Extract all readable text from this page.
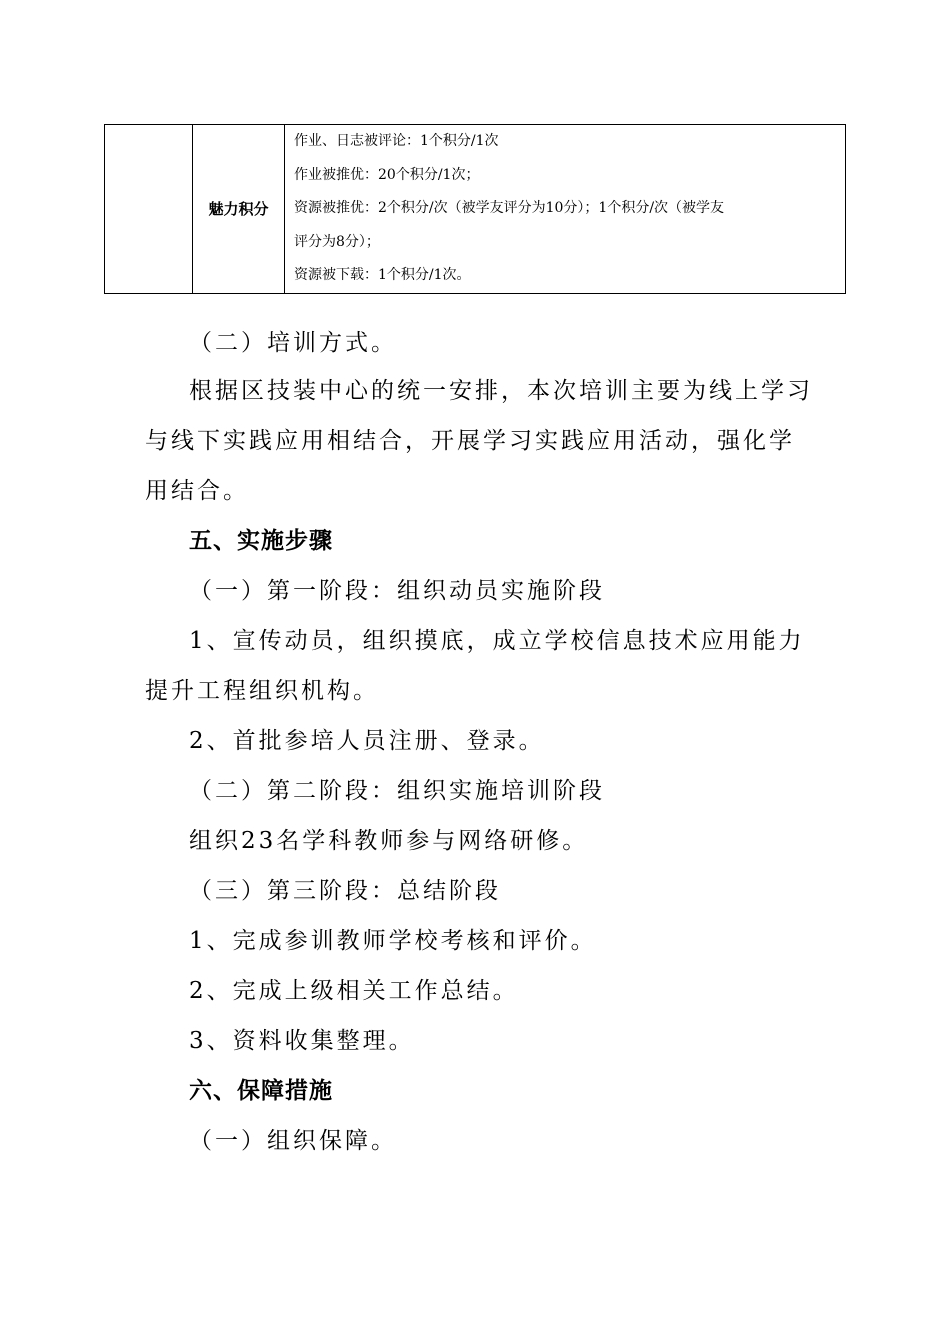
	魅力积分	
作业、日志被评论：1个积分/1次
作业被推优：20个积分/1次；
资源被推优：2个积分/次（被学友评分为10分）；1个积分/次（被学友
评分为8分）；
资源被下载：1个积分/1次。
（二）培训方式。
根据区技装中心的统一安排，本次培训主要为线上学习
与线下实践应用相结合，开展学习实践应用活动，强化学
用结合。
五、实施步骤
（一）第一阶段：组织动员实施阶段
1、宣传动员，组织摸底，成立学校信息技术应用能力
提升工程组织机构。
2、首批参培人员注册、登录。
（二）第二阶段：组织实施培训阶段
组织23名学科教师参与网络研修。
（三）第三阶段：总结阶段
1、完成参训教师学校考核和评价。
2、完成上级相关工作总结。
3、资料收集整理。
六、保障措施
（一）组织保障。
